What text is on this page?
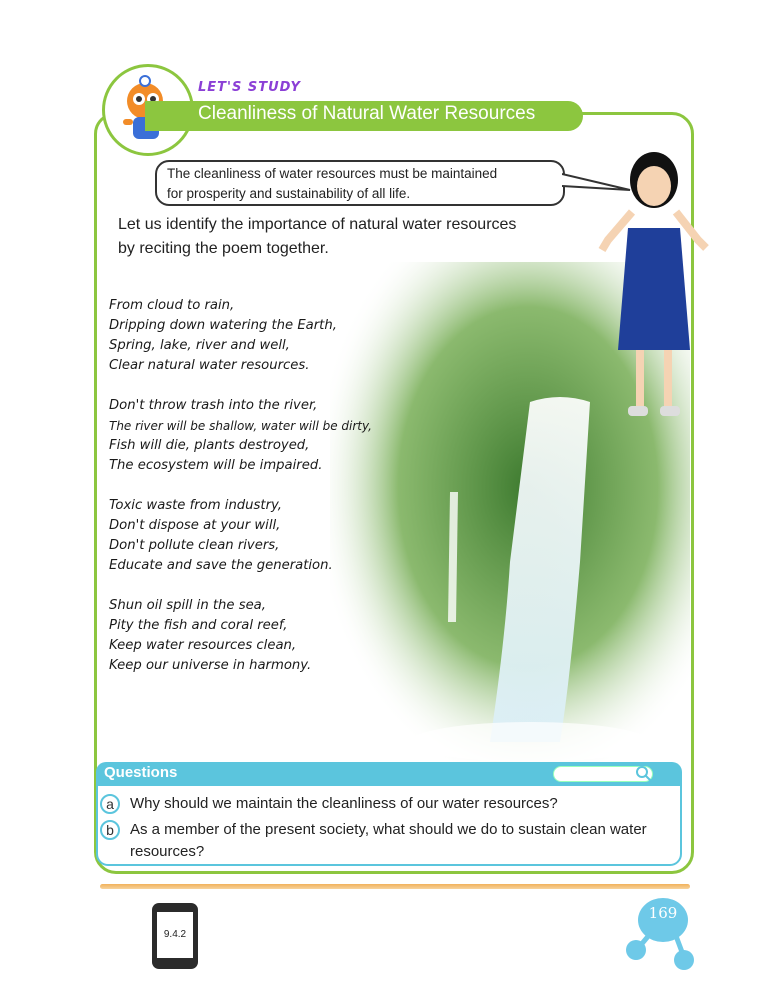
LET'S STUDY
Cleanliness of Natural Water Resources
The cleanliness of water resources must be maintained
for prosperity and sustainability of all life.
Let us identify the importance of natural water resources
by reciting the poem together.
From cloud to rain,
Dripping down watering the Earth,
Spring, lake, river and well,
Clear natural water resources.
Don't throw trash into the river,
The river will be shallow, water will be dirty,
Fish will die, plants destroyed,
The ecosystem will be impaired.
Toxic waste from industry,
Don't dispose at your will,
Don't pollute clean rivers,
Educate and save the generation.
Shun oil spill in the sea,
Pity the fish and coral reef,
Keep water resources clean,
Keep our universe in harmony.
Questions
a	Why should we maintain the cleanliness of our water resources?
b	As a member of the present society, what should we do to sustain clean water resources?
9.4.2
169
